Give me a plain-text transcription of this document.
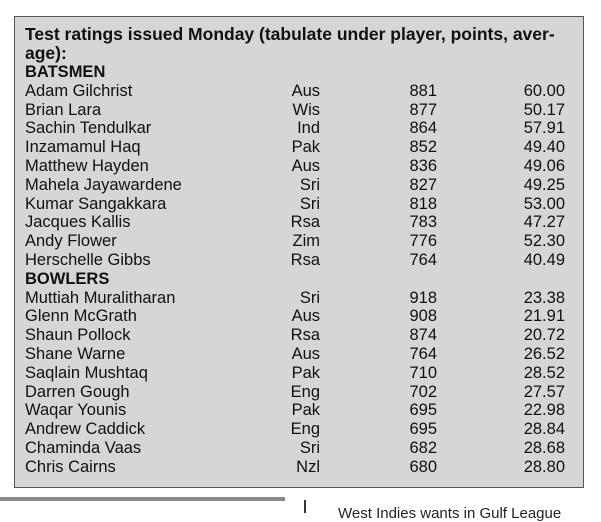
Test ratings issued Monday (tabulate under player, points, aver-age):
BATSMEN
Adam Gilchrist	Aus	881	60.00
Brian Lara	Wis	877	50.17
Sachin Tendulkar	Ind	864	57.91
Inzamamul Haq	Pak	852	49.40
Matthew Hayden	Aus	836	49.06
Mahela Jayawardene	Sri	827	49.25
Kumar Sangakkara	Sri	818	53.00
Jacques Kallis	Rsa	783	47.27
Andy Flower	Zim	776	52.30
Herschelle Gibbs	Rsa	764	40.49
BOWLERS
Muttiah Muralitharan	Sri	918	23.38
Glenn McGrath	Aus	908	21.91
Shaun Pollock	Rsa	874	20.72
Shane Warne	Aus	764	26.52
Saqlain Mushtaq	Pak	710	28.52
Darren Gough	Eng	702	27.57
Waqar Younis	Pak	695	22.98
Andrew Caddick	Eng	695	28.84
Chaminda Vaas	Sri	682	28.68
Chris Cairns	Nzl	680	28.80
West Indies wants in Gulf League
